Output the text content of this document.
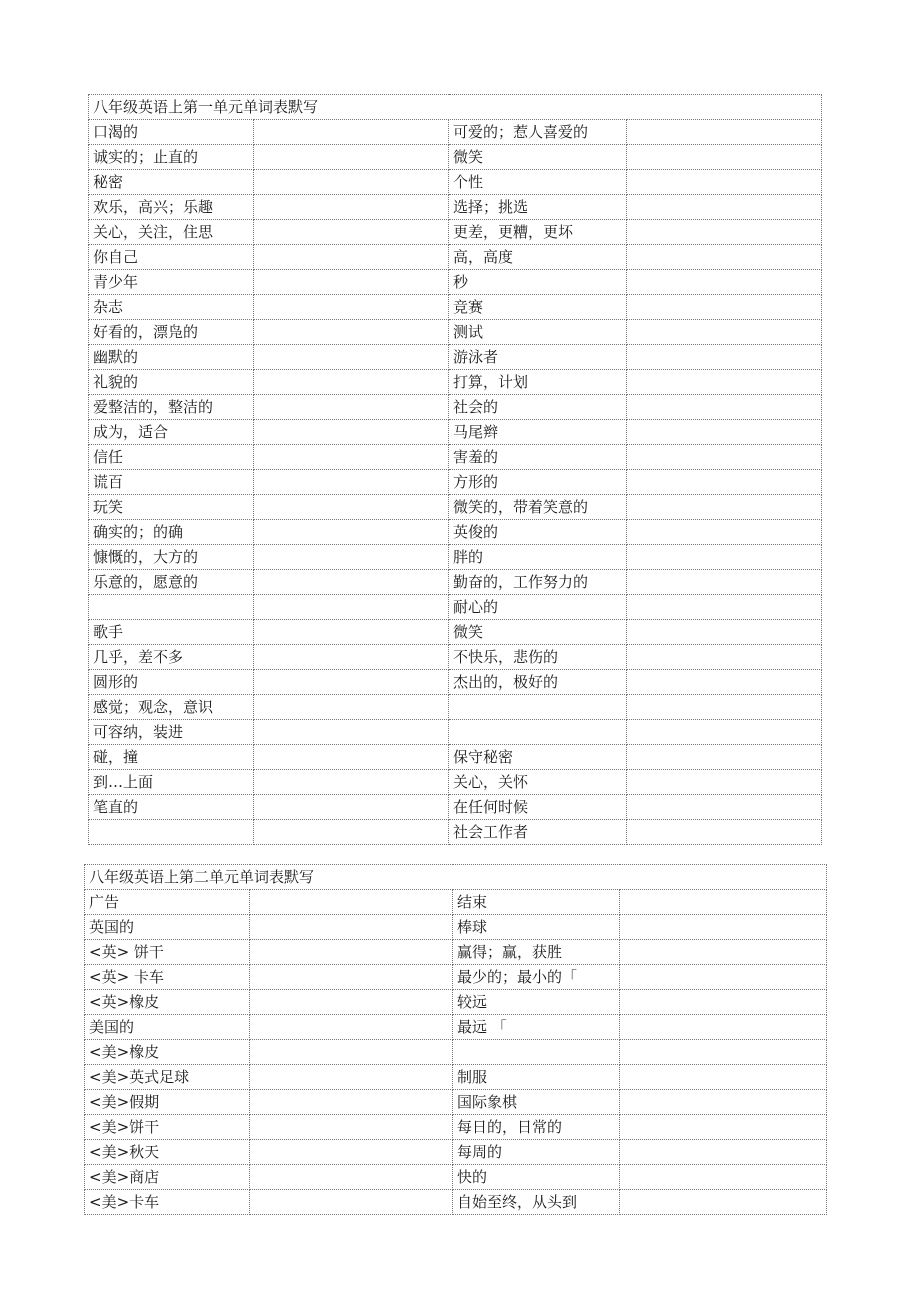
八年级英语上第一单元单词表默写			
口渴的		可爱的；惹人喜爱的	
诚实的；止直的		微笑	
秘密		个性	
欢乐，高兴；乐趣		选择；挑选	
关心，关注，住思		更差，更糟，更坏	
你自己		高，高度	
青少年		秒	
杂志		竞赛	
好看的，漂凫的		测试	
幽默的		游泳者	
礼貌的		打算，计划	
爱整洁的，整洁的		社会的	
成为，适合		马尾辫	
信任		害羞的	
谎百		方形的	
玩笑		微笑的，带着笑意的	
确实的；的确		英俊的	
慷慨的，大方的		胖的	
乐意的，愿意的		勤奋的，工作努力的	
		耐心的	
歌手		微笑	
几乎，差不多		不快乐，悲伤的	
圆形的		杰出的，极好的	
感觉；观念，意识			
可容纳，装进			
碰，撞		保守秘密	
到…上面		关心，关怀	
笔直的		在任何时候	
		社会工作者	
八年级英语上第二单元单词表默写			
广告		结束	
英国的		棒球	
<英> 饼干		赢得；赢，获胜	
<英> 卡车		最少的；最小的「	
<英>橡皮		较远	
美国的		最远 「	
<美>橡皮			
<美>英式足球		制服	
<美>假期		国际象棋	
<美>饼干		每日的，日常的	
<美>秋天		每周的	
<美>商店		快的	
<美>卡车		自始至终，从头到	
